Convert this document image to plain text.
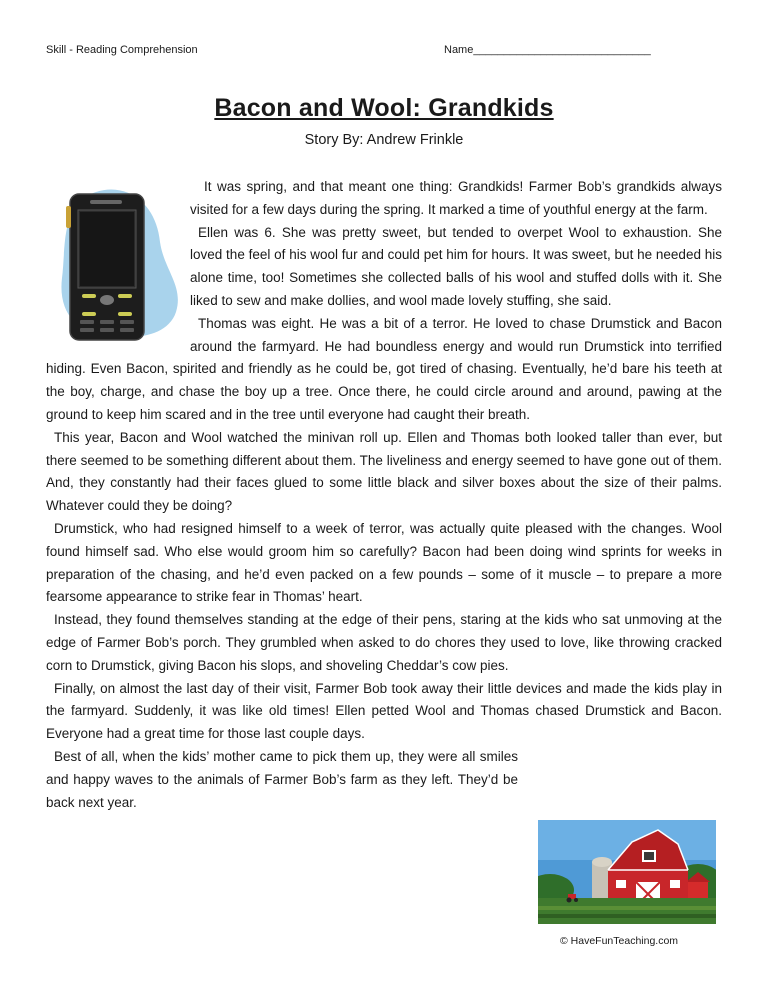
Skill - Reading Comprehension	Name_____________________________
Bacon and Wool: Grandkids
Story By: Andrew Frinkle

It was spring, and that meant one thing: Grandkids! Farmer Bob’s grandkids always visited for a few days during the spring. It marked a time of youthful energy at the farm.

Ellen was 6. She was pretty sweet, but tended to overpet Wool to exhaustion. She loved the feel of his wool fur and could pet him for hours. It was sweet, but he needed his alone time, too! Sometimes she collected balls of his wool and stuffed dolls with it. She liked to sew and make dollies, and wool made lovely stuffing, she said.

Thomas was eight. He was a bit of a terror. He loved to chase Drumstick and Bacon around the farmyard. He had boundless energy and would run Drumstick into terrified hiding. Even Bacon, spirited and friendly as he could be, got tired of chasing. Eventually, he’d bare his teeth at the boy, charge, and chase the boy up a tree. Once there, he could circle around and around, pawing at the ground to keep him scared and in the tree until everyone had caught their breath.

This year, Bacon and Wool watched the minivan roll up. Ellen and Thomas both looked taller than ever, but there seemed to be something different about them. The liveliness and energy seemed to have gone out of them. And, they constantly had their faces glued to some little black and silver boxes about the size of their palms. Whatever could they be doing?

Drumstick, who had resigned himself to a week of terror, was actually quite pleased with the changes. Wool found himself sad. Who else would groom him so carefully? Bacon had been doing wind sprints for weeks in preparation of the chasing, and he’d even packed on a few pounds – some of it muscle – to prepare a more fearsome appearance to strike fear in Thomas’ heart.

Instead, they found themselves standing at the edge of their pens, staring at the kids who sat unmoving at the edge of Farmer Bob’s porch. They grumbled when asked to do chores they used to love, like throwing cracked corn to Drumstick, giving Bacon his slops, and shoveling Cheddar’s cow pies.

Finally, on almost the last day of their visit, Farmer Bob took away their little devices and made the kids play in the farmyard. Suddenly, it was like old times! Ellen petted Wool and Thomas chased Drumstick and Bacon. Everyone had a great time for those last couple days.

Best of all, when the kids’ mother came to pick them up, they were all smiles and happy waves to the animals of Farmer Bob’s farm as they left. They’d be back next year.

© HaveFunTeaching.com
